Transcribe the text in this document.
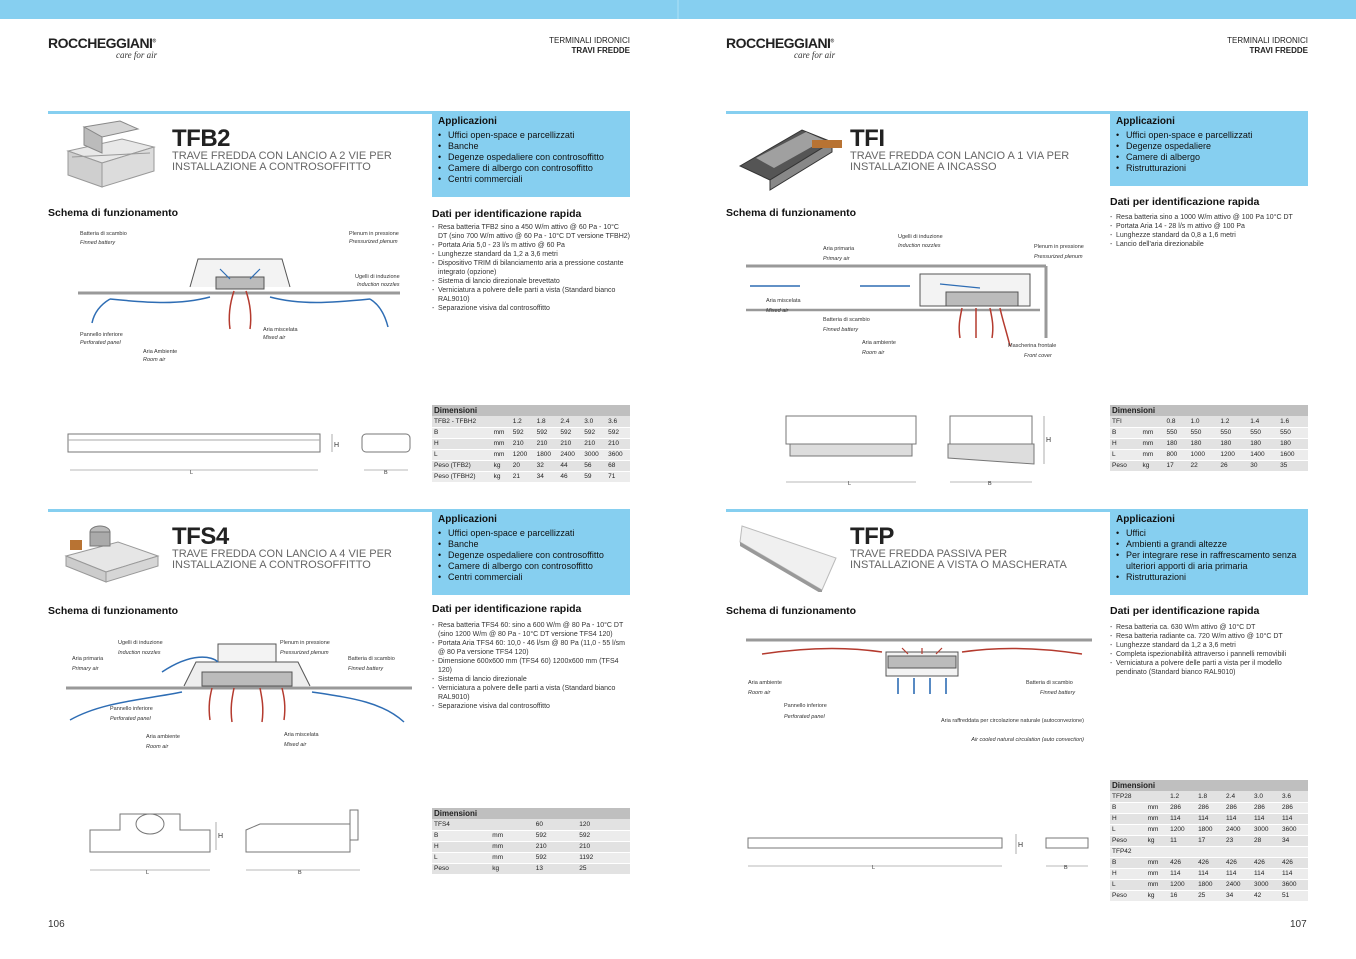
ROCCHEGGIANI®
care for air
TERMINALI IDRONICI
TRAVI FREDDE	ROCCHEGGIANI®
care for air
TERMINALI IDRONICI
TRAVI FREDDE
TFB2
TRAVE FREDDA CON LANCIO A 2 VIE PER INSTALLAZIONE A CONTROSOFFITTO
Applicazioni
• Uffici open-space e parcellizzati
• Banche
• Degenze ospedaliere con controsoffitto
• Camere di albergo con controsoffitto
• Centri commerciali
Schema di funzionamento	Dati per identificazione rapida
- Resa batteria TFB2 sino a 450 W/m attivo @ 60 Pa - 10°C DT (sino 700 W/m attivo @ 60 Pa - 10°C DT versione TFBH2)
- Portata Aria 5,0 - 23 l/s m attivo @ 60 Pa
- Lunghezze standard da 1,2 a 3,6 metri
- Dispositivo TRIM di bilanciamento aria a pressione costante integrato (opzione)
- Sistema di lancio direzionale brevettato
- Verniciatura a polvere delle parti a vista (Standard bianco RAL9010)
- Separazione visiva dal controsoffitto
Batteria di scambio
Finned battery
Plenum in pressione
Pressurized plenum
Ugelli di induzione
Induction nozzles
Pannello inferiore
Perforated panel
Aria miscelata
Mixed air
Aria Ambiente
Room air
L
H
B
Dimensioni						
TFB2 - TFBH2		1.2	1.8	2.4	3.0	3.6
B	mm	592	592	592	592	592
H	mm	210	210	210	210	210
L	mm	1200	1800	2400	3000	3600
Peso (TFB2)	kg	20	32	44	56	68
Peso (TFBH2)	kg	21	34	46	59	71
TFS4
TRAVE FREDDA CON LANCIO A 4 VIE PER INSTALLAZIONE A CONTROSOFFITTO
Applicazioni
• Uffici open-space e parcellizzati
• Banche
• Degenze ospedaliere con controsoffitto
• Camere di albergo con controsoffitto
• Centri commerciali
Schema di funzionamento	Dati per identificazione rapida
- Resa batteria TFS4 60: sino a 600 W/m @ 80 Pa - 10°C DT (sino 1200 W/m @ 80 Pa - 10°C DT versione TFS4 120)
- Portata Aria TFS4 60: 10,0 - 46 l/sm @ 80 Pa (11,0 - 55 l/sm @ 80 Pa versione TFS4 120)
- Dimensione 600x600 mm (TFS4 60) 1200x600 mm (TFS4 120)
- Sistema di lancio direzionale
- Verniciatura a polvere delle parti a vista (Standard bianco RAL9010)
- Separazione visiva dal controsoffitto
Ugelli di induzione
Induction nozzles
Aria primaria
Primary air
Plenum in pressione
Pressurized plenum
Batteria di scambio
Finned battery
Pannello inferiore
Perforated panel
Aria ambiente
Room air
Aria miscelata
Mixed air
L
H
B
Dimensioni			
TFS4		60	120
B	mm	592	592
H	mm	210	210
L	mm	592	1192
Peso	kg	13	25
106
TFI
TRAVE FREDDA CON LANCIO A 1 VIA PER INSTALLAZIONE A INCASSO
Applicazioni
• Uffici open-space e parcellizzati
• Degenze ospedaliere
• Camere di albergo
• Ristrutturazioni
Schema di funzionamento
Dati per identificazione rapida
- Resa batteria sino a 1000 W/m attivo @ 100 Pa 10°C DT
- Portata Aria 14 - 28 l/s m attivo @ 100 Pa
- Lunghezze standard da 0,8 a 1,6 metri
- Lancio dell'aria direzionabile
Ugelli di induzione
Induction nozzles
Aria primaria
Primary air
Plenum in pressione
Pressurized plenum
Aria miscelata
Mixed air
Batteria di scambio
Finned battery
Aria ambiente
Room air
Mascherina frontale
Front cover
L	B
H
Dimensioni						
TFI		0.8	1.0	1.2	1.4	1.6
B	mm	550	550	550	550	550
H	mm	180	180	180	180	180
L	mm	800	1000	1200	1400	1600
Peso	kg	17	22	26	30	35
TFP
TRAVE FREDDA PASSIVA PER INSTALLAZIONE A VISTA O MASCHERATA
Applicazioni
• Uffici
• Ambienti a grandi altezze
• Per integrare rese in raffrescamento senza ulteriori apporti di aria primaria
• Ristrutturazioni
Schema di funzionamento	Dati per identificazione rapida
- Resa batteria ca. 630 W/m attivo @ 10°C DT
- Resa batteria radiante ca. 720 W/m attivo @ 10°C DT
- Lunghezze standard da 1,2 a 3,6 metri
- Completa ispezionabilità attraverso i pannelli removibili
- Verniciatura a polvere delle parti a vista per il modello pendinato (Standard bianco RAL9010)
Aria ambiente
Room air
Pannello inferiore
Perforated panel
Batteria di scambio
Finned battery
Aria raffreddata per circolazione naturale (autoconvezione)
Air cooled natural circulation (auto convection)
L
H
B
Dimensioni						
TFP28		1.2	1.8	2.4	3.0	3.6
B	mm	286	286	286	286	286
H	mm	114	114	114	114	114
L	mm	1200	1800	2400	3000	3600
Peso	kg	11	17	23	28	34
TFP42						
B	mm	426	426	426	426	426
H	mm	114	114	114	114	114
L	mm	1200	1800	2400	3000	3600
Peso	kg	16	25	34	42	51
107
